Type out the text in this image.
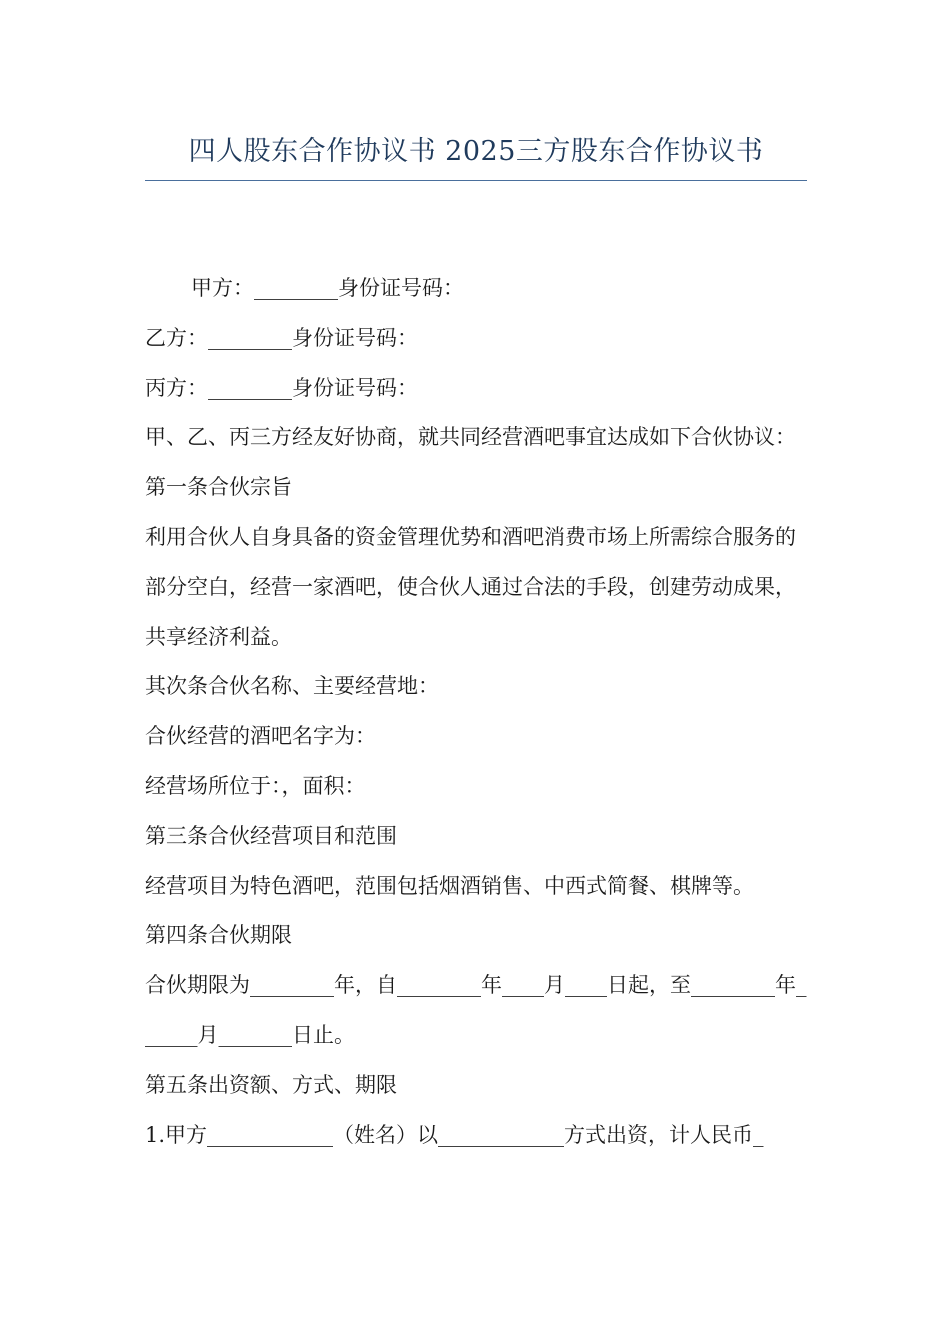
四人股东合作协议书 2025三方股东合作协议书

甲方：________身份证号码：

乙方：________身份证号码：

丙方：________身份证号码：

甲、乙、丙三方经友好协商，就共同经营酒吧事宜达成如下合伙协议：

第一条合伙宗旨

利用合伙人自身具备的资金管理优势和酒吧消费市场上所需综合服务的部分空白，经营一家酒吧，使合伙人通过合法的手段，创建劳动成果，共享经济利益。

其次条合伙名称、主要经营地：

合伙经营的酒吧名字为：

经营场所位于：，面积：

第三条合伙经营项目和范围

经营项目为特色酒吧，范围包括烟酒销售、中西式简餐、棋牌等。

第四条合伙期限

合伙期限为________年，自________年____月____日起，至________年______月_______日止。

第五条出资额、方式、期限

1.甲方____________（姓名）以____________方式出资，计人民币_
